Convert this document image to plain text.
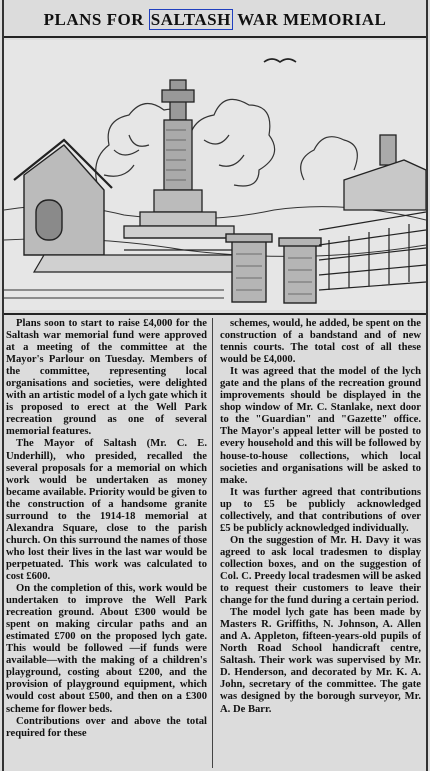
PLANS FOR SALTASH WAR MEMORIAL

Plans soon to start to raise £4,000 for the Saltash war memorial fund were approved at a meeting of the committee at the Mayor's Parlour on Tuesday. Members of the committee, representing local organisations and societies, were delighted with an artistic model of a lych gate which it is proposed to erect at the Well Park recreation ground as one of several memorial features.

The Mayor of Saltash (Mr. C. E. Underhill), who presided, recalled the several proposals for a memorial on which work would be undertaken as money became available. Priority would be given to the construction of a handsome granite surround to the 1914-18 memorial at Alexandra Square, close to the parish church. On this surround the names of those who lost their lives in the last war would be perpetuated. This work was calculated to cost £600.

On the completion of this, work would be undertaken to improve the Well Park recreation ground. About £300 would be spent on making circular paths and an estimated £700 on the proposed lych gate. This would be followed —if funds were available—with the making of a children's playground, costing about £200, and the provision of playground equipment, which would cost about £500, and then on a £300 scheme for flower beds.

Contributions over and above the total required for these

schemes, would, he added, be spent on the construction of a bandstand and of new tennis courts. The total cost of all these would be £4,000.

It was agreed that the model of the lych gate and the plans of the recreation ground improvements should be displayed in the shop window of Mr. C. Stanlake, next door to the "Guardian" and "Gazette" office. The Mayor's appeal letter will be posted to every household and this will be followed by house-to-house collections, which local societies and organisations will be asked to make.

It was further agreed that contributions up to £5 be publicly acknowledged collectively, and that contributions of over £5 be publicly acknowledged individually.

On the suggestion of Mr. H. Davy it was agreed to ask local tradesmen to display collection boxes, and on the suggestion of Col. C. Preedy local tradesmen will be asked to request their customers to leave their change for the fund during a certain period.

The model lych gate has been made by Masters R. Griffiths, N. Johnson, A. Allen and A. Appleton, fifteen-years-old pupils of North Road School handicraft centre, Saltash. Their work was supervised by Mr. D. Henderson, and decorated by Mr. K. A. John, secretary of the committee. The gate was designed by the borough surveyor, Mr. A. De Barr.
